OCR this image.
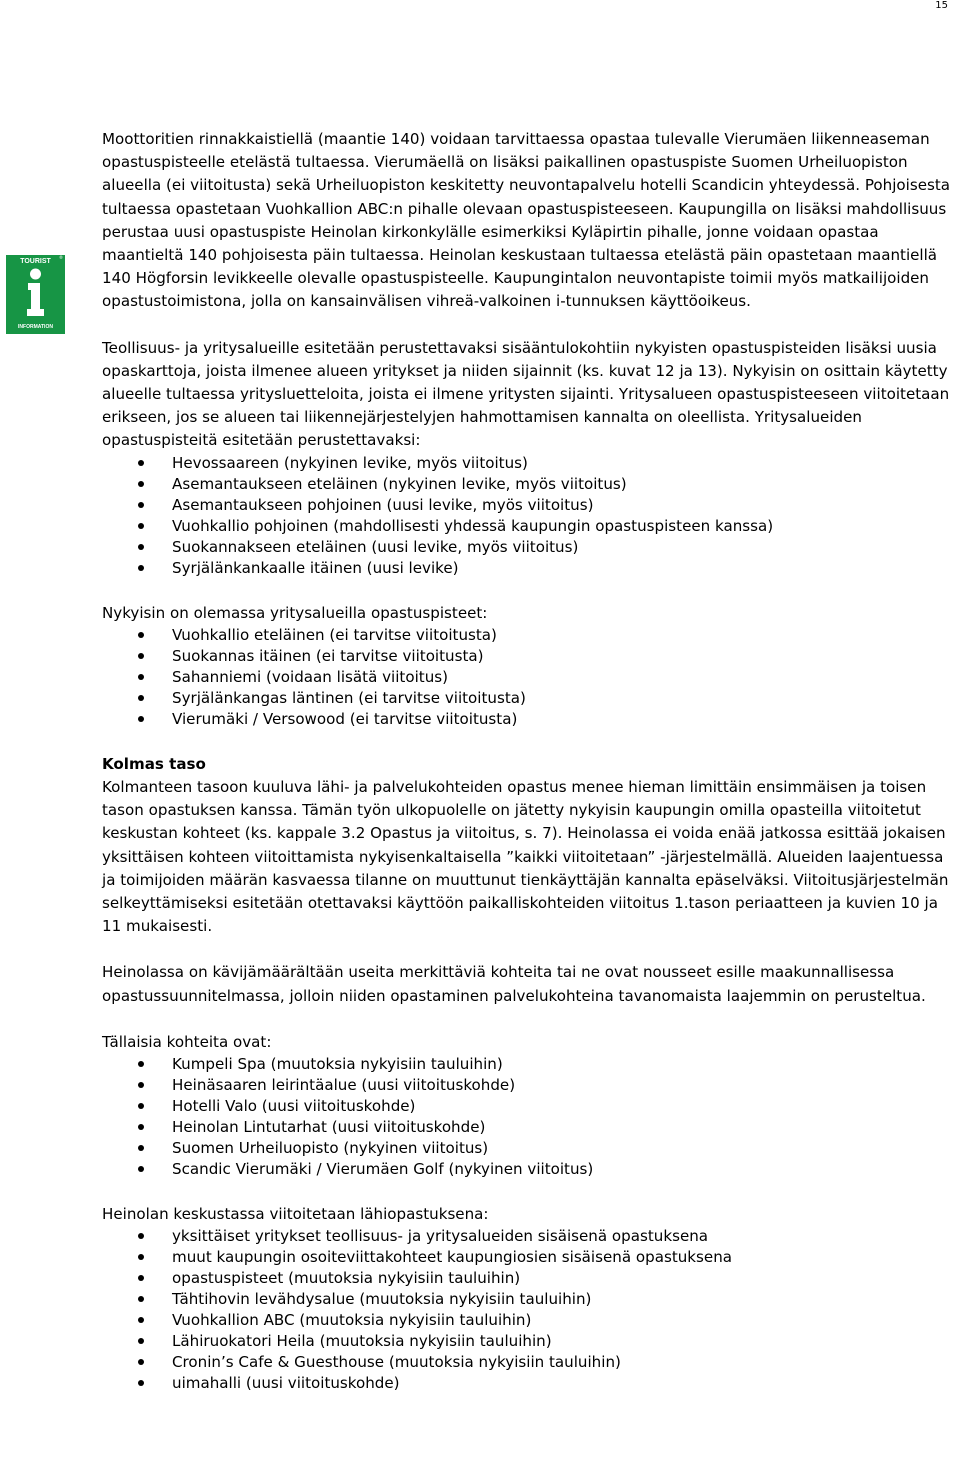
15
®
TOURIST
INFORMATION

Moottoritien rinnakkaistiellä (maantie 140) voidaan tarvittaessa opastaa tulevalle Vierumäen liikenneaseman opastuspisteelle etelästä tultaessa. Vierumäellä on lisäksi paikallinen opastuspiste Suomen Urheiluopiston alueella (ei viitoitusta) sekä Urheiluopiston keskitetty neuvontapalvelu hotelli Scandicin yhteydessä. Pohjoisesta tultaessa opastetaan Vuohkallion ABC:n pihalle olevaan opastuspisteeseen. Kaupungilla on lisäksi mahdollisuus perustaa uusi opastuspiste Heinolan kirkonkylälle esimerkiksi Kyläpirtin pihalle, jonne voidaan opastaa maantieltä 140 pohjoisesta päin tultaessa. Heinolan keskustaan tultaessa etelästä päin opastetaan maantiellä 140 Högforsin levikkeelle olevalle opastuspisteelle. Kaupungintalon neuvontapiste toimii myös matkailijoiden opastustoimistona, jolla on kansainvälisen vihreä-valkoinen i-tunnuksen käyttöoikeus.

Teollisuus- ja yritysalueille esitetään perustettavaksi sisääntulokohtiin nykyisten opastuspisteiden lisäksi uusia opaskarttoja, joista ilmenee alueen yritykset ja niiden sijainnit (ks. kuvat 12 ja 13). Nykyisin on osittain käytetty alueelle tultaessa yritysluetteloita, joista ei ilmene yritysten sijainti. Yritysalueen opastuspisteeseen viitoitetaan erikseen, jos se alueen tai liikennejärjestelyjen hahmottamisen kannalta on oleellista. Yritysalueiden opastuspisteitä esitetään perustettavaksi:

Hevossaareen (nykyinen levike, myös viitoitus)
Asemantaukseen eteläinen (nykyinen levike, myös viitoitus)
Asemantaukseen pohjoinen (uusi levike, myös viitoitus)
Vuohkallio pohjoinen (mahdollisesti yhdessä kaupungin opastuspisteen kanssa)
Suokannakseen eteläinen (uusi levike, myös viitoitus)
Syrjälänkankaalle itäinen (uusi levike)

Nykyisin on olemassa yritysalueilla opastuspisteet:

Vuohkallio eteläinen (ei tarvitse viitoitusta)
Suokannas itäinen (ei tarvitse viitoitusta)
Sahanniemi (voidaan lisätä viitoitus)
Syrjälänkangas läntinen (ei tarvitse viitoitusta)
Vierumäki / Versowood (ei tarvitse viitoitusta)

Kolmas taso

Kolmanteen tasoon kuuluva lähi- ja palvelukohteiden opastus menee hieman limittäin ensimmäisen ja toisen tason opastuksen kanssa. Tämän työn ulkopuolelle on jätetty nykyisin kaupungin omilla opasteilla viitoitetut keskustan kohteet (ks. kappale 3.2 Opastus ja viitoitus, s. 7). Heinolassa ei voida enää jatkossa esittää jokaisen yksittäisen kohteen viitoittamista nykyisenkaltaisella ”kaikki viitoitetaan” -järjestelmällä. Alueiden laajentuessa ja toimijoiden määrän kasvaessa tilanne on muuttunut tienkäyttäjän kannalta epäselväksi. Viitoitusjärjestelmän selkeyttämiseksi esitetään otettavaksi käyttöön paikalliskohteiden viitoitus 1.tason periaatteen ja kuvien 10 ja 11 mukaisesti.

Heinolassa on kävijämäärältään useita merkittäviä kohteita tai ne ovat nousseet esille maakunnallisessa opastussuunnitelmassa, jolloin niiden opastaminen palvelukohteina tavanomaista laajemmin on perusteltua.

Tällaisia kohteita ovat:

Kumpeli Spa (muutoksia nykyisiin tauluihin)
Heinäsaaren leirintäalue (uusi viitoituskohde)
Hotelli Valo (uusi viitoituskohde)
Heinolan Lintutarhat (uusi viitoituskohde)
Suomen Urheiluopisto (nykyinen viitoitus)
Scandic Vierumäki / Vierumäen Golf (nykyinen viitoitus)

Heinolan keskustassa viitoitetaan lähiopastuksena:

yksittäiset yritykset teollisuus- ja yritysalueiden sisäisenä opastuksena
muut kaupungin osoiteviittakohteet kaupungiosien sisäisenä opastuksena
opastuspisteet (muutoksia nykyisiin tauluihin)
Tähtihovin levähdysalue (muutoksia nykyisiin tauluihin)
Vuohkallion ABC (muutoksia nykyisiin tauluihin)
Lähiruokatori Heila (muutoksia nykyisiin tauluihin)
Cronin’s Cafe & Guesthouse (muutoksia nykyisiin tauluihin)
uimahalli (uusi viitoituskohde)
